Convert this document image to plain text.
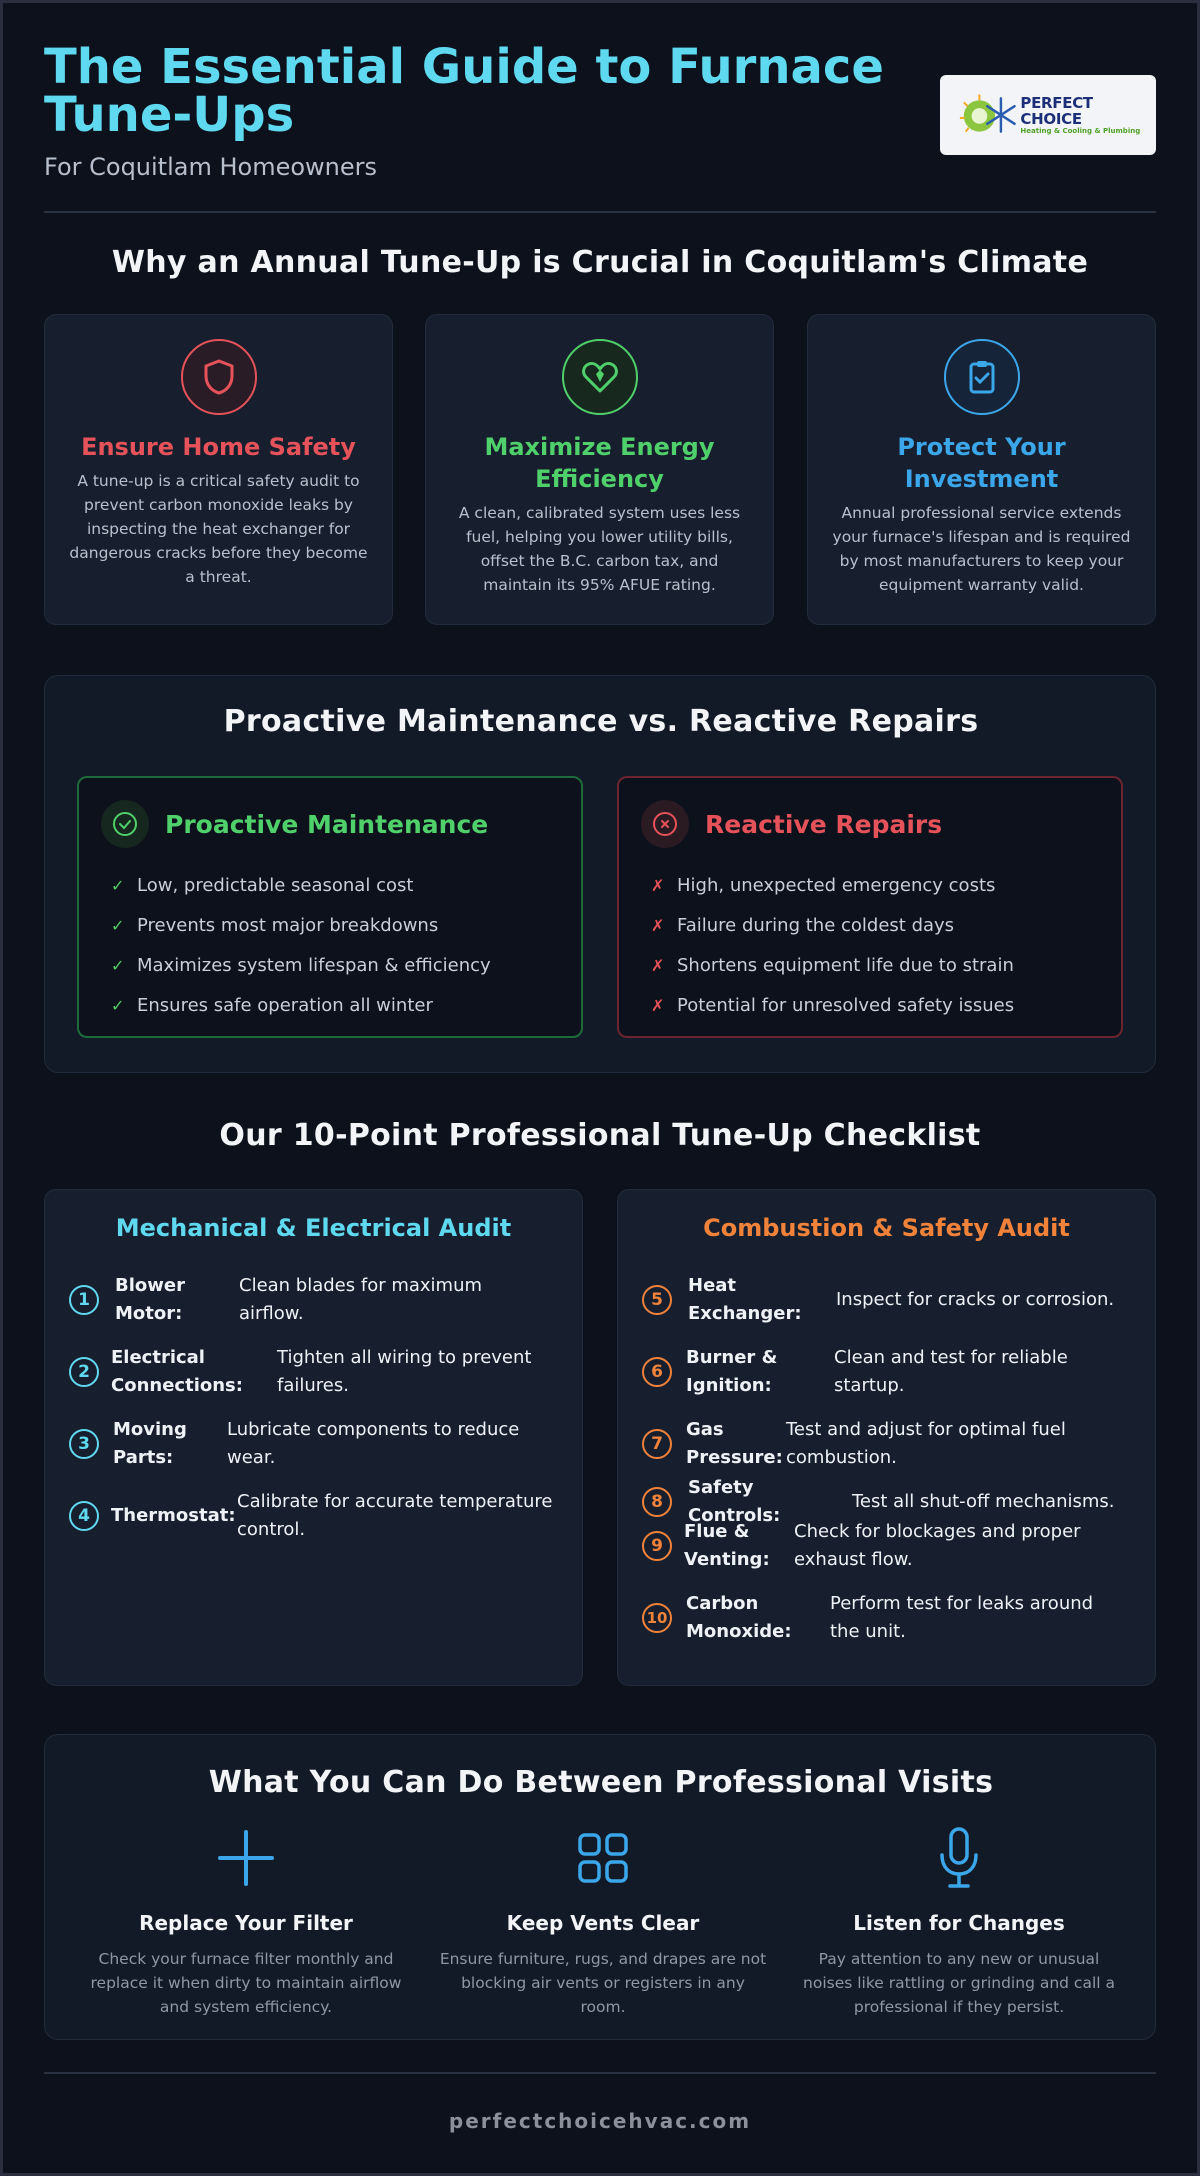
The Essential Guide to Furnace Tune-Ups
For Coquitlam Homeowners
PERFECT CHOICE
Heating & Cooling & Plumbing
Why an Annual Tune-Up is Crucial in Coquitlam's Climate
Ensure Home Safety
A tune-up is a critical safety audit to prevent carbon monoxide leaks by inspecting the heat exchanger for dangerous cracks before they become a threat.
Maximize Energy Efficiency
A clean, calibrated system uses less fuel, helping you lower utility bills, offset the B.C. carbon tax, and maintain its 95% AFUE rating.
Protect Your Investment
Annual professional service extends your furnace's lifespan and is required by most manufacturers to keep your equipment warranty valid.
Proactive Maintenance vs. Reactive Repairs
Proactive Maintenance
✓ Low, predictable seasonal cost
✓ Prevents most major breakdowns
✓ Maximizes system lifespan & efficiency
✓ Ensures safe operation all winter
Reactive Repairs
✗ High, unexpected emergency costs
✗ Failure during the coldest days
✗ Shortens equipment life due to strain
✗ Potential for unresolved safety issues
Our 10-Point Professional Tune-Up Checklist
Mechanical & Electrical Audit
1
Blower Motor:
Clean blades for maximum airflow.
2
Electrical Connections:
Tighten all wiring to prevent failures.
3
Moving Parts:
Lubricate components to reduce wear.
4	Thermostat:
Calibrate for accurate temperature control.
Combustion & Safety Audit
5
Heat Exchanger:
Inspect for cracks or corrosion.
6
Burner & Ignition:
Clean and test for reliable startup.
7
Gas Pressure:
Test and adjust for optimal fuel combustion.
8
Safety Controls:
Test all shut-off mechanisms.
9
Flue & Venting:
Check for blockages and proper exhaust flow.
10
Carbon Monoxide:
Perform test for leaks around the unit.
What You Can Do Between Professional Visits
Replace Your Filter
Check your furnace filter monthly and replace it when dirty to maintain airflow and system efficiency.
Keep Vents Clear
Ensure furniture, rugs, and drapes are not blocking air vents or registers in any room.
Listen for Changes
Pay attention to any new or unusual noises like rattling or grinding and call a professional if they persist.
perfectchoicehvac.com
